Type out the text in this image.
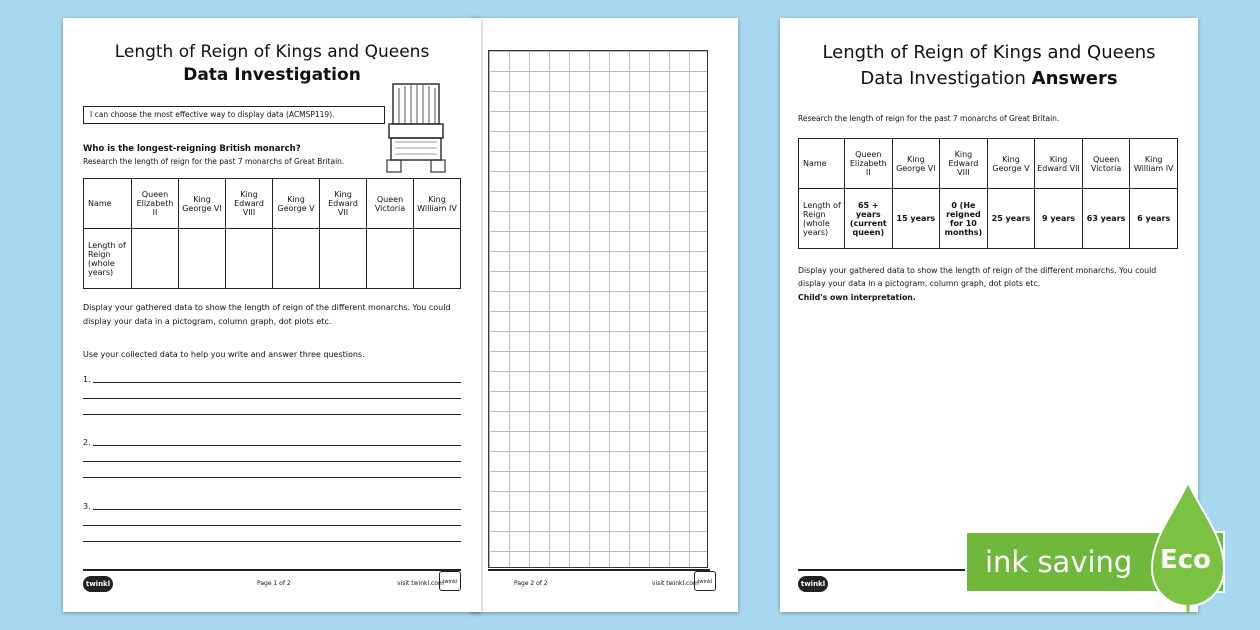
Length of Reign of Kings and Queens
Data Investigation
I can choose the most effective way to display data (ACMSP119).
Who is the longest-reigning British monarch?
Research the length of reign for the past 7 monarchs of Great Britain.
Name	Queen Elizabeth II	King George VI	King Edward VIII	King George V	King Edward VII	Queen Victoria	King William IV
Length of Reign (whole years)							
Display your gathered data to show the length of reign of the different monarchs. You could display your data in a pictogram, column graph, dot plots etc.
Use your collected data to help you write and answer three questions.
1.
2.
3.
twinkl	Page 1 of 2	visit twinkl.com
twinkl	Page 2 of 2	visit twinkl.com
twinkl
Length of Reign of Kings and Queens
Data Investigation Answers
Research the length of reign for the past 7 monarchs of Great Britain.
Name	Queen Elizabeth II	King George VI	King Edward VIII	King George V	King Edward VII	Queen Victoria	King William IV
Length of Reign (whole years)	65 + years (current queen)	15 years	0 (He reigned for 10 months)	25 years	9 years	63 years	6 years
Display your gathered data to show the length of reign of the different monarchs. You could display your data in a pictogram, column graph, dot plots etc.
Child's own interpretation.
twinkl
ink saving Eco
